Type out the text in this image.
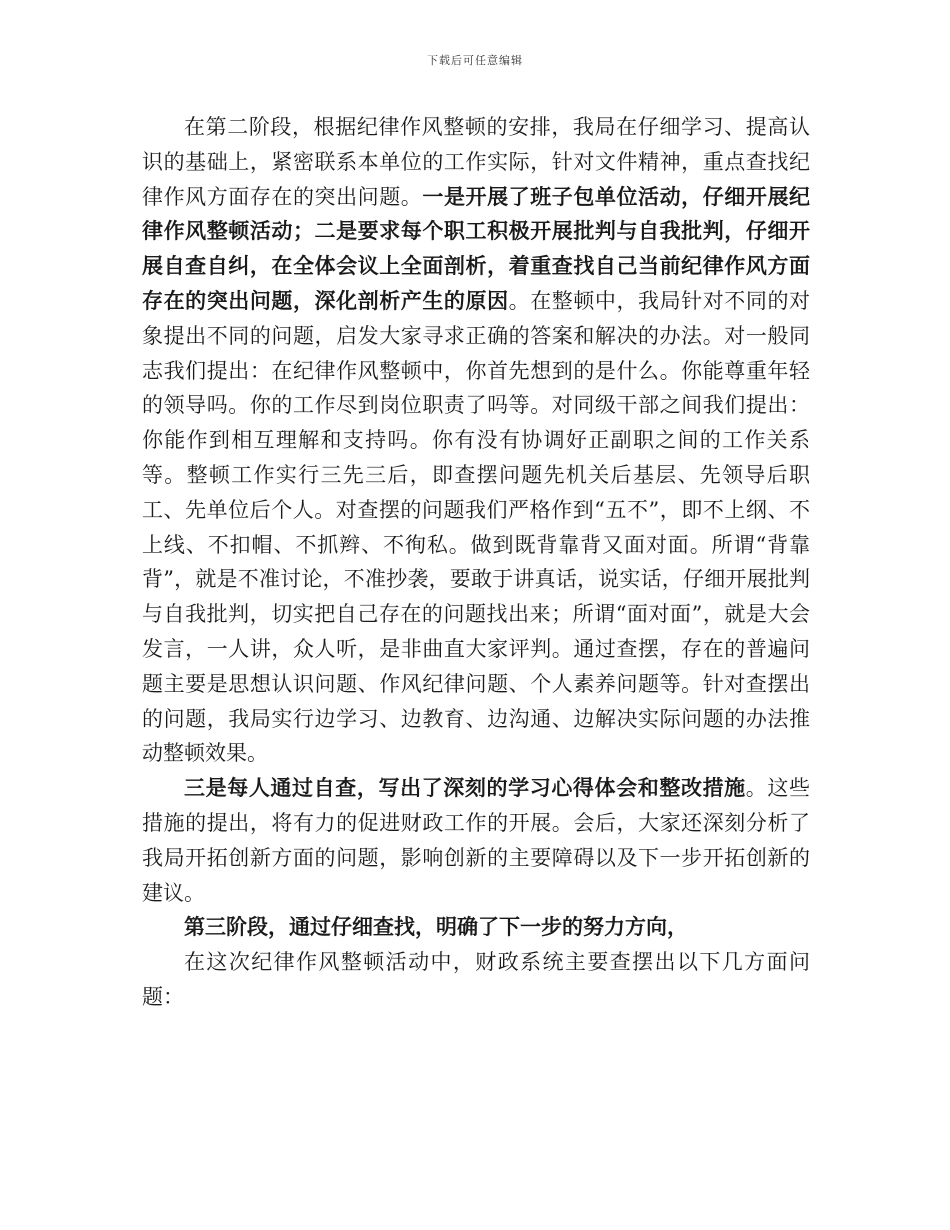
下载后可任意编辑

在第二阶段，根据纪律作风整顿的安排，我局在仔细学习、提高认识的基础上，紧密联系本单位的工作实际，针对文件精神，重点查找纪律作风方面存在的突出问题。一是开展了班子包单位活动，仔细开展纪律作风整顿活动；二是要求每个职工积极开展批判与自我批判，仔细开展自查自纠，在全体会议上全面剖析，着重查找自己当前纪律作风方面存在的突出问题，深化剖析产生的原因。在整顿中，我局针对不同的对象提出不同的问题，启发大家寻求正确的答案和解决的办法。对一般同志我们提出：在纪律作风整顿中，你首先想到的是什么。你能尊重年轻的领导吗。你的工作尽到岗位职责了吗等。对同级干部之间我们提出：你能作到相互理解和支持吗。你有没有协调好正副职之间的工作关系等。整顿工作实行三先三后，即查摆问题先机关后基层、先领导后职工、先单位后个人。对查摆的问题我们严格作到“五不”，即不上纲、不上线、不扣帽、不抓辫、不徇私。做到既背靠背又面对面。所谓“背靠背”，就是不准讨论，不准抄袭，要敢于讲真话，说实话，仔细开展批判与自我批判，切实把自己存在的问题找出来；所谓“面对面”，就是大会发言，一人讲，众人听，是非曲直大家评判。通过查摆，存在的普遍问题主要是思想认识问题、作风纪律问题、个人素养问题等。针对查摆出的问题，我局实行边学习、边教育、边沟通、边解决实际问题的办法推动整顿效果。

三是每人通过自查，写出了深刻的学习心得体会和整改措施。这些措施的提出，将有力的促进财政工作的开展。会后，大家还深刻分析了我局开拓创新方面的问题，影响创新的主要障碍以及下一步开拓创新的建议。

第三阶段，通过仔细查找，明确了下一步的努力方向，

在这次纪律作风整顿活动中，财政系统主要查摆出以下几方面问题：
